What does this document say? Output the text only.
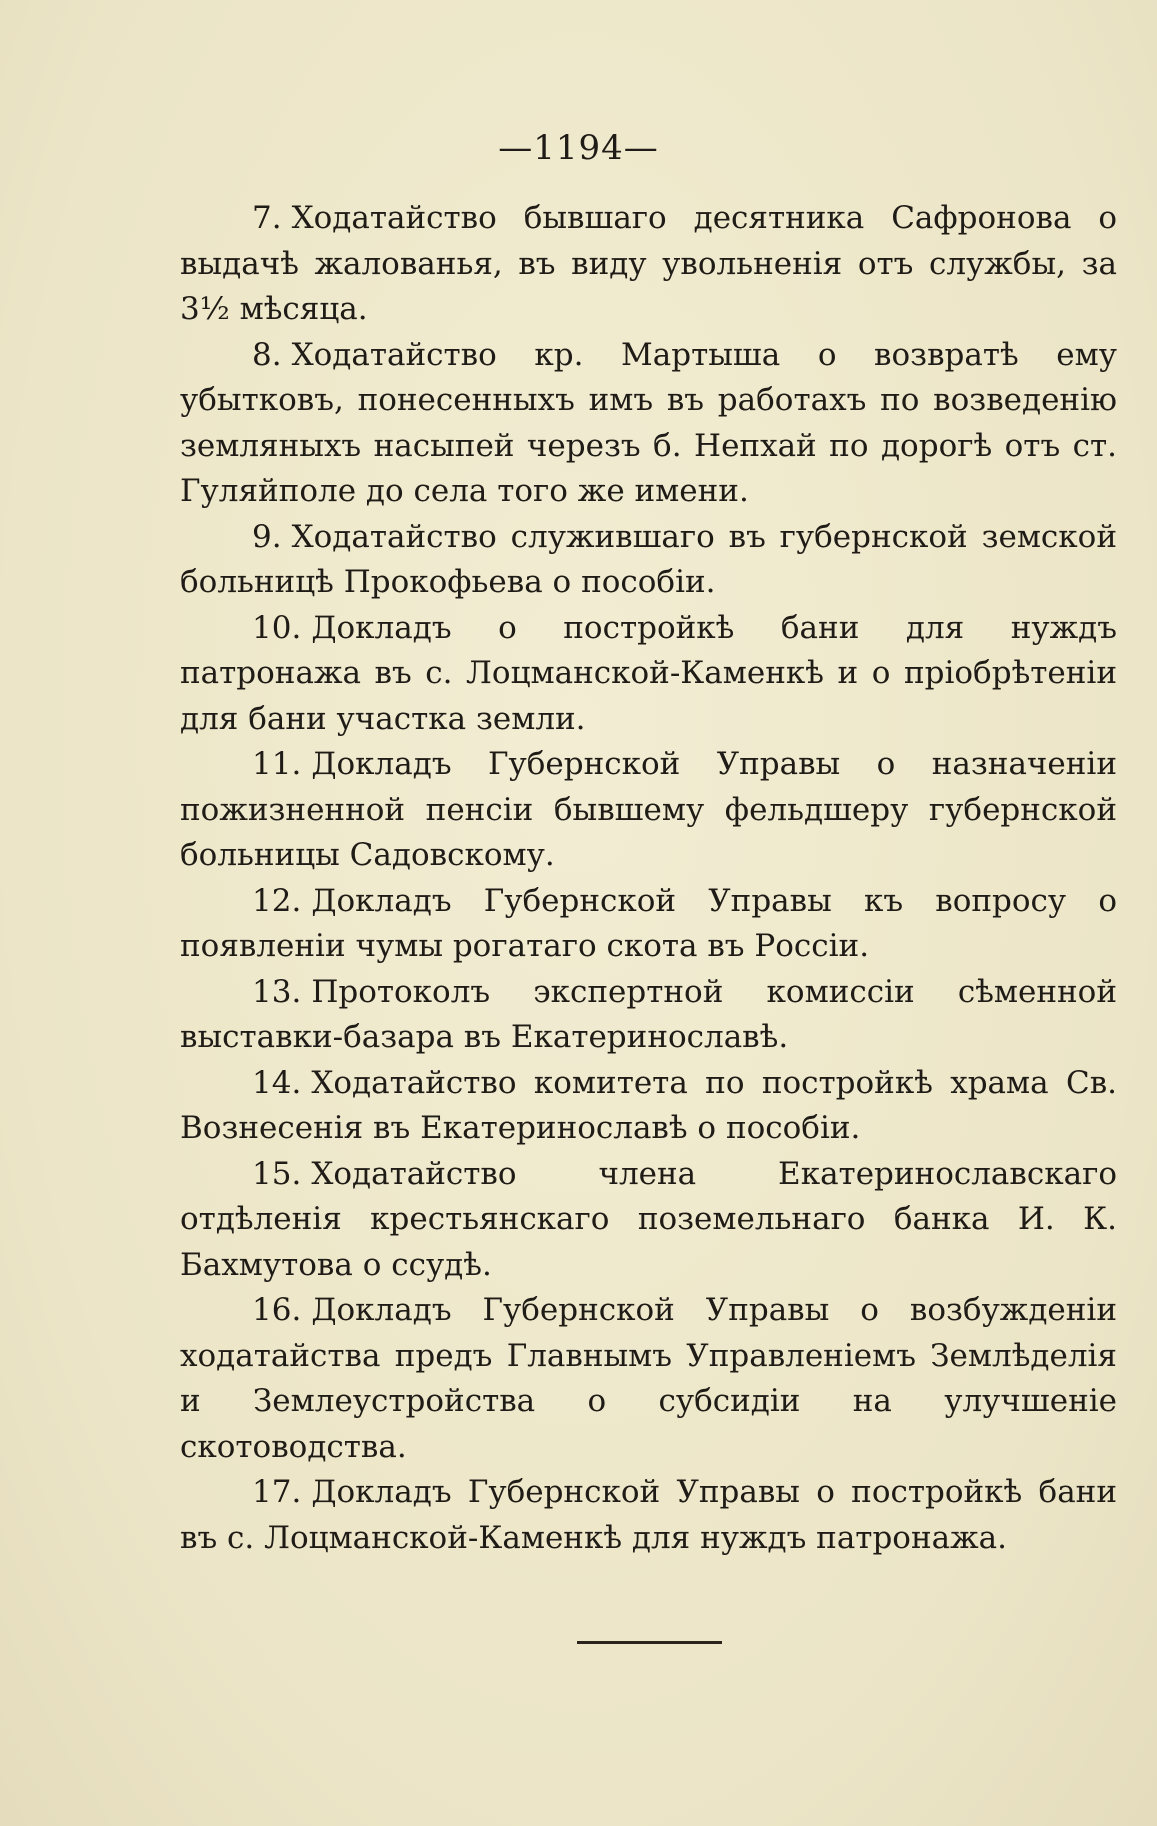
—1194—

7. Ходатайство бывшаго десятника Сафронова о выдачѣ жалованья, въ виду увольненія отъ службы, за 3½ мѣсяца.

8. Ходатайство кр. Мартыша о возвратѣ ему убытковъ, понесенныхъ имъ въ работахъ по возведенію земляныхъ насыпей черезъ б. Непхай по дорогѣ отъ ст. Гуляйполе до села того же имени.

9. Ходатайство служившаго въ губернской земской больницѣ Прокофьева о пособіи.

10. Докладъ о постройкѣ бани для нуждъ патронажа въ с. Лоцманской-Каменкѣ и о пріобрѣтеніи для бани участка земли.

11. Докладъ Губернской Управы о назначеніи пожизненной пенсіи бывшему фельдшеру губернской больницы Садовскому.

12. Докладъ Губернской Управы къ вопросу о появленіи чумы рогатаго скота въ Россіи.

13. Протоколъ экспертной комиссіи сѣменной выставки-базара въ Екатеринославѣ.

14. Ходатайство комитета по постройкѣ храма Св. Вознесенія въ Екатеринославѣ о пособіи.

15. Ходатайство члена Екатеринославскаго отдѣленія крестьянскаго поземельнаго банка И. К. Бахмутова о ссудѣ.

16. Докладъ Губернской Управы о возбужденіи ходатайства предъ Главнымъ Управленіемъ Землѣделія и Землеустройства о субсидіи на улучшеніе скотоводства.

17. Докладъ Губернской Управы о постройкѣ бани въ с. Лоцманской-Каменкѣ для нуждъ патронажа.
